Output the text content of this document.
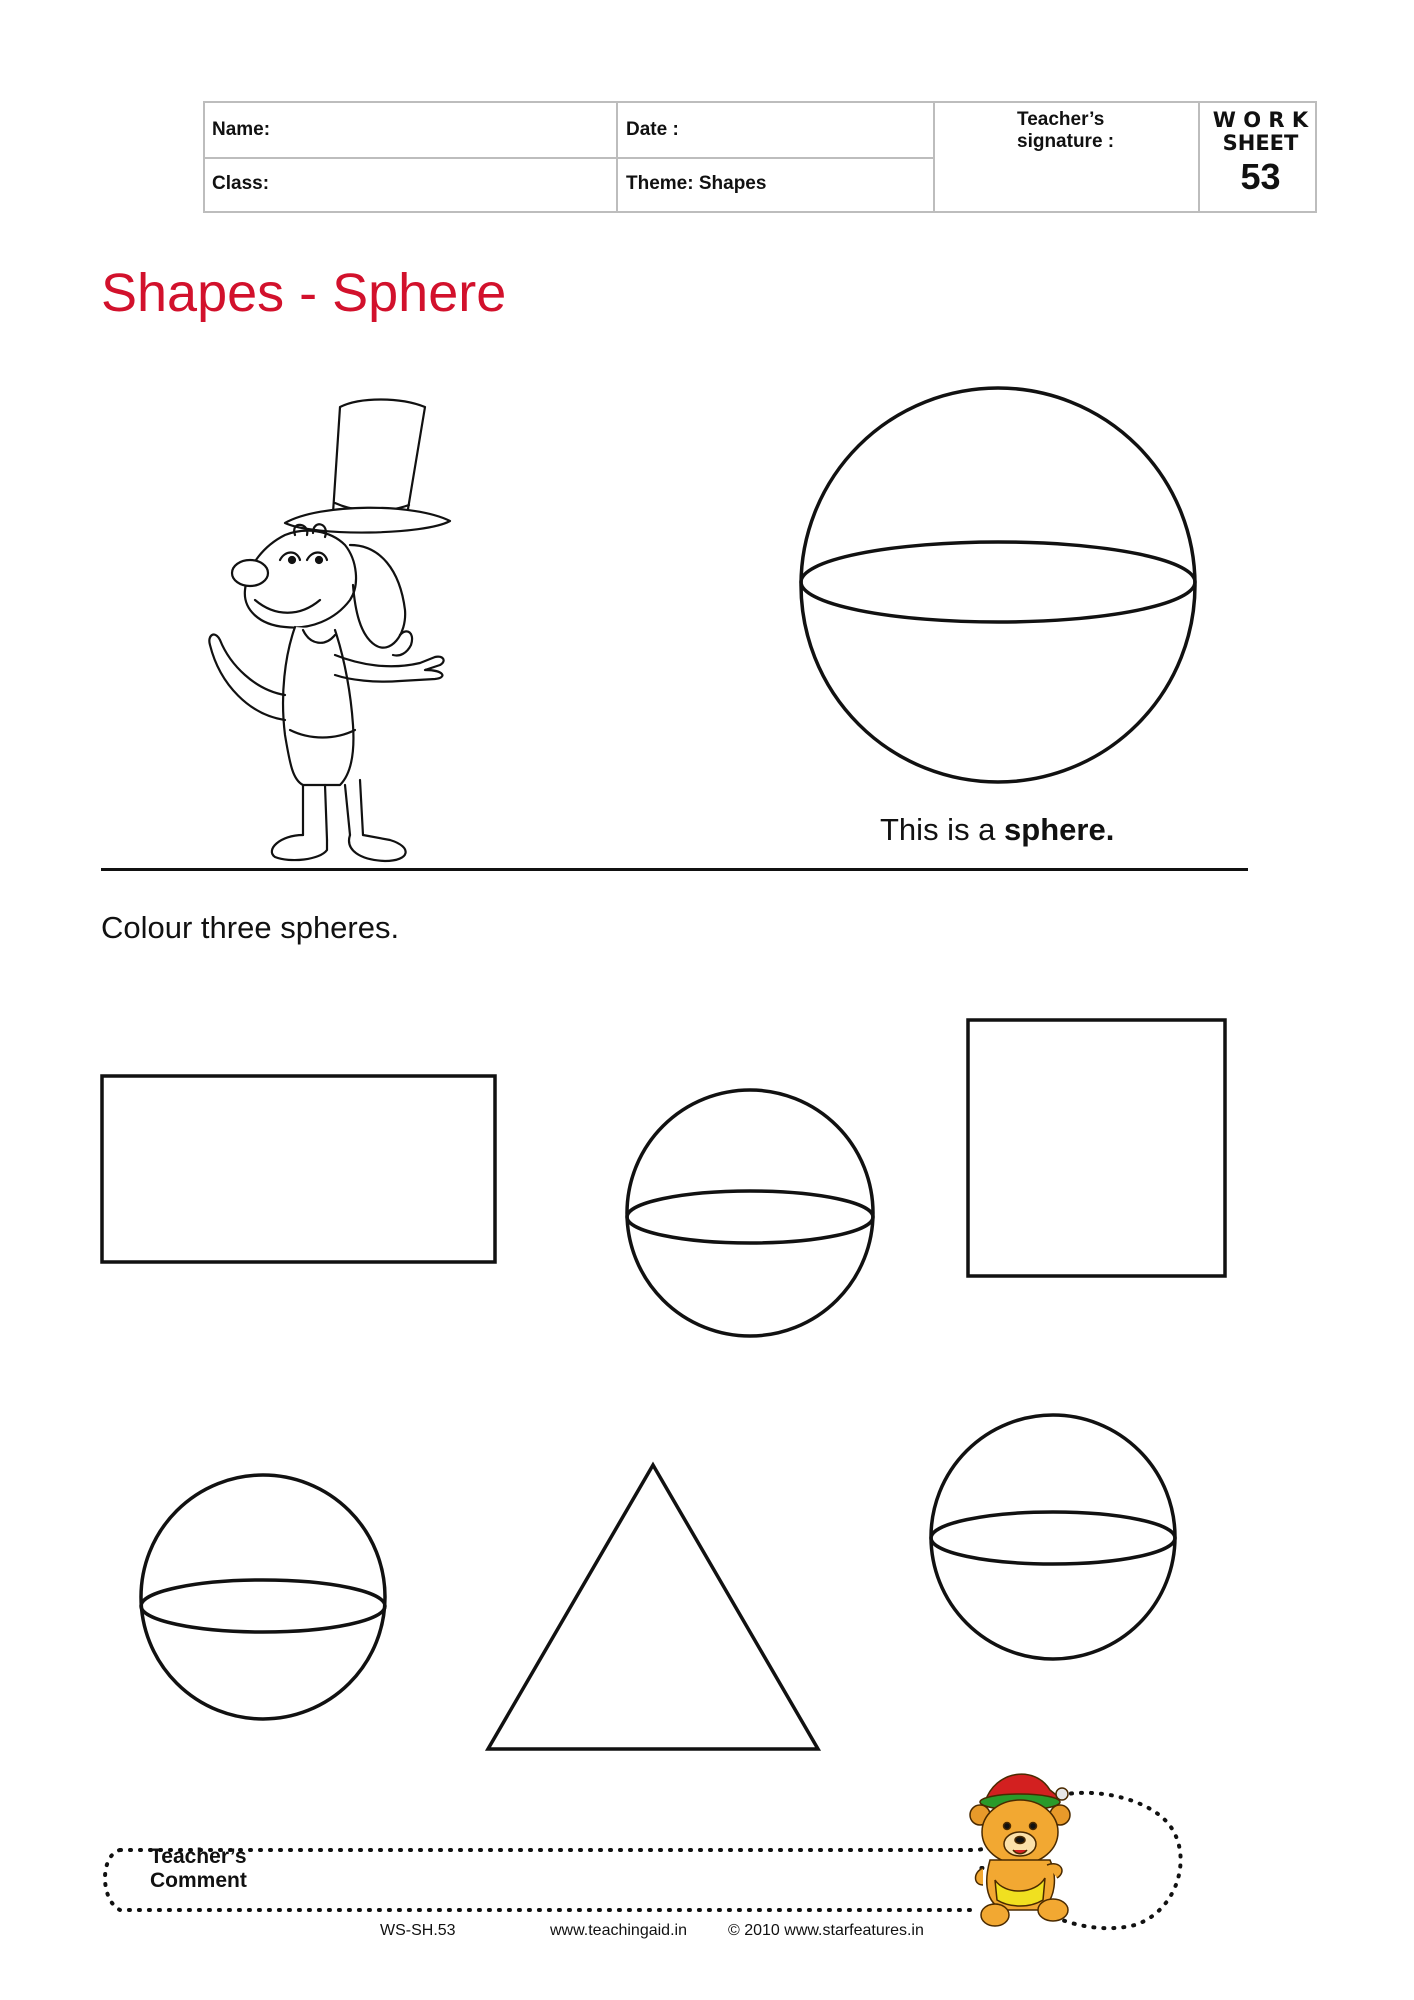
Name:	Date :
Class:	Theme: Shapes
Teacher’s
signature :
W O R K
SHEET
53
Shapes - Sphere
This is a sphere.
Colour three spheres.
Teacher’s
Comment
WS-SH.53	www.teachingaid.in	© 2010 www.starfeatures.in
